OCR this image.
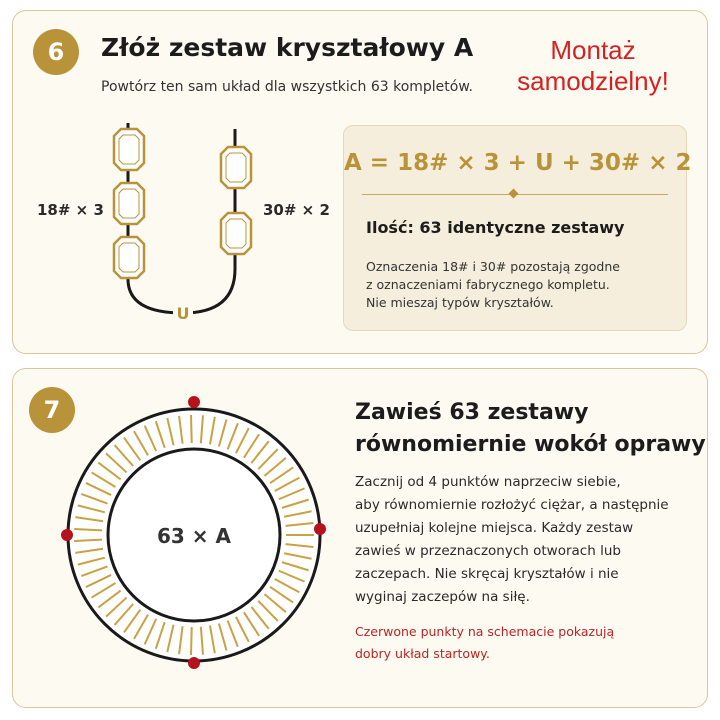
6	Złóż zestaw kryształowy A
Powtórz ten sam układ dla wszystkich 63 kompletów.
Montaż
samodzielny!
U
18# × 3	30# × 2
A = 18# × 3 + U + 30# × 2
Ilość: 63 identyczne zestawy
Oznaczenia 18# i 30# pozostają zgodne
z oznaczeniami fabrycznego kompletu.
Nie mieszaj typów kryształów.
7
63 × A
Zawieś 63 zestawy
równomiernie wokół oprawy
Zacznij od 4 punktów naprzeciw siebie,
aby równomiernie rozłożyć ciężar, a następnie
uzupełniaj kolejne miejsca. Każdy zestaw
zawieś w przeznaczonych otworach lub
zaczepach. Nie skręcaj kryształów i nie
wyginaj zaczepów na siłę.
Czerwone punkty na schemacie pokazują
dobry układ startowy.
